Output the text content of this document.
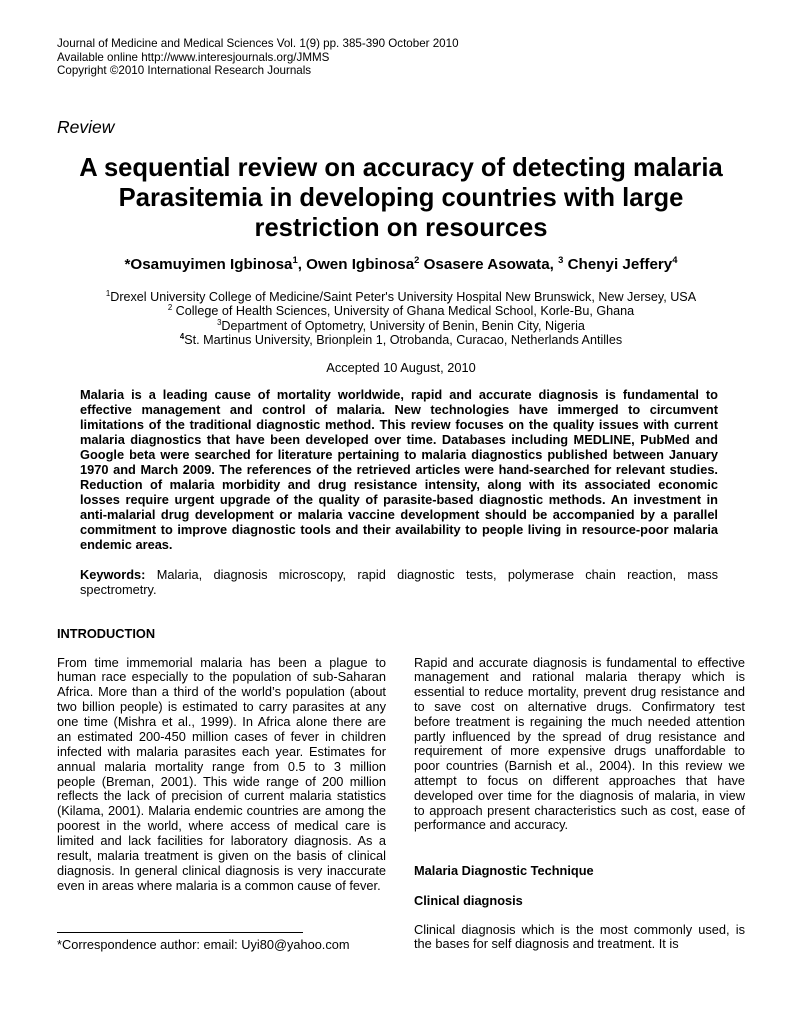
Journal of Medicine and Medical Sciences Vol. 1(9) pp. 385-390 October 2010
Available online http://www.interesjournals.org/JMMS
Copyright ©2010 International Research Journals
Review
A sequential review on accuracy of detecting malaria
Parasitemia in developing countries with large
restriction on resources
*Osamuyimen Igbinosa$^1$, Owen Igbinosa$^2$ Osasere Asowata, $^3$ Chenyi Jeffery$^4$
$^1$Drexel University College of Medicine/Saint Peter's University Hospital New Brunswick, New Jersey, USA
$^2$ College of Health Sciences, University of Ghana Medical School, Korle-Bu, Ghana
$^3$Department of Optometry, University of Benin, Benin City, Nigeria
$^4$St. Martinus University, Brionplein 1, Otrobanda, Curacao, Netherlands Antilles
Accepted 10 August, 2010
Malaria is a leading cause of mortality worldwide, rapid and accurate diagnosis is fundamental to
effective management and control of malaria. New technologies have immerged to circumvent
limitations of the traditional diagnostic method. This review focuses on the quality issues with current
malaria diagnostics that have been developed over time. Databases including MEDLINE, PubMed and
Google beta were searched for literature pertaining to malaria diagnostics published between January
1970 and March 2009. The references of the retrieved articles were hand-searched for relevant studies.
Reduction of malaria morbidity and drug resistance intensity, along with its associated economic
losses require urgent upgrade of the quality of parasite-based diagnostic methods. An investment in
anti-malarial drug development or malaria vaccine development should be accompanied by a parallel
commitment to improve diagnostic tools and their availability to people living in resource-poor malaria
endemic areas.
Keywords: Malaria, diagnosis microscopy, rapid diagnostic tests, polymerase chain reaction, mass
spectrometry.
INTRODUCTION
From time immemorial malaria has been a plague to
human race especially to the population of sub-Saharan
Africa. More than a third of the world’s population (about
two billion people) is estimated to carry parasites at any
one time (Mishra et al., 1999). In Africa alone there are
an estimated 200-450 million cases of fever in children
infected with malaria parasites each year. Estimates for
annual malaria mortality range from 0.5 to 3 million
people (Breman, 2001). This wide range of 200 million
reflects the lack of precision of current malaria statistics
(Kilama, 2001). Malaria endemic countries are among the
poorest in the world, where access of medical care is
limited and lack facilities for laboratory diagnosis. As a
result, malaria treatment is given on the basis of clinical
diagnosis. In general clinical diagnosis is very inaccurate
even in areas where malaria is a common cause of fever.
Rapid and accurate diagnosis is fundamental to effective
management and rational malaria therapy which is
essential to reduce mortality, prevent drug resistance and
to save cost on alternative drugs. Confirmatory test
before treatment is regaining the much needed attention
partly influenced by the spread of drug resistance and
requirement of more expensive drugs unaffordable to
poor countries (Barnish et al., 2004). In this review we
attempt to focus on different approaches that have
developed over time for the diagnosis of malaria, in view
to approach present characteristics such as cost, ease of
performance and accuracy.
Malaria Diagnostic Technique
Clinical diagnosis
Clinical diagnosis which is the most commonly used, is
the bases for self diagnosis and treatment. It is
*Correspondence author: email: Uyi80@yahoo.com
